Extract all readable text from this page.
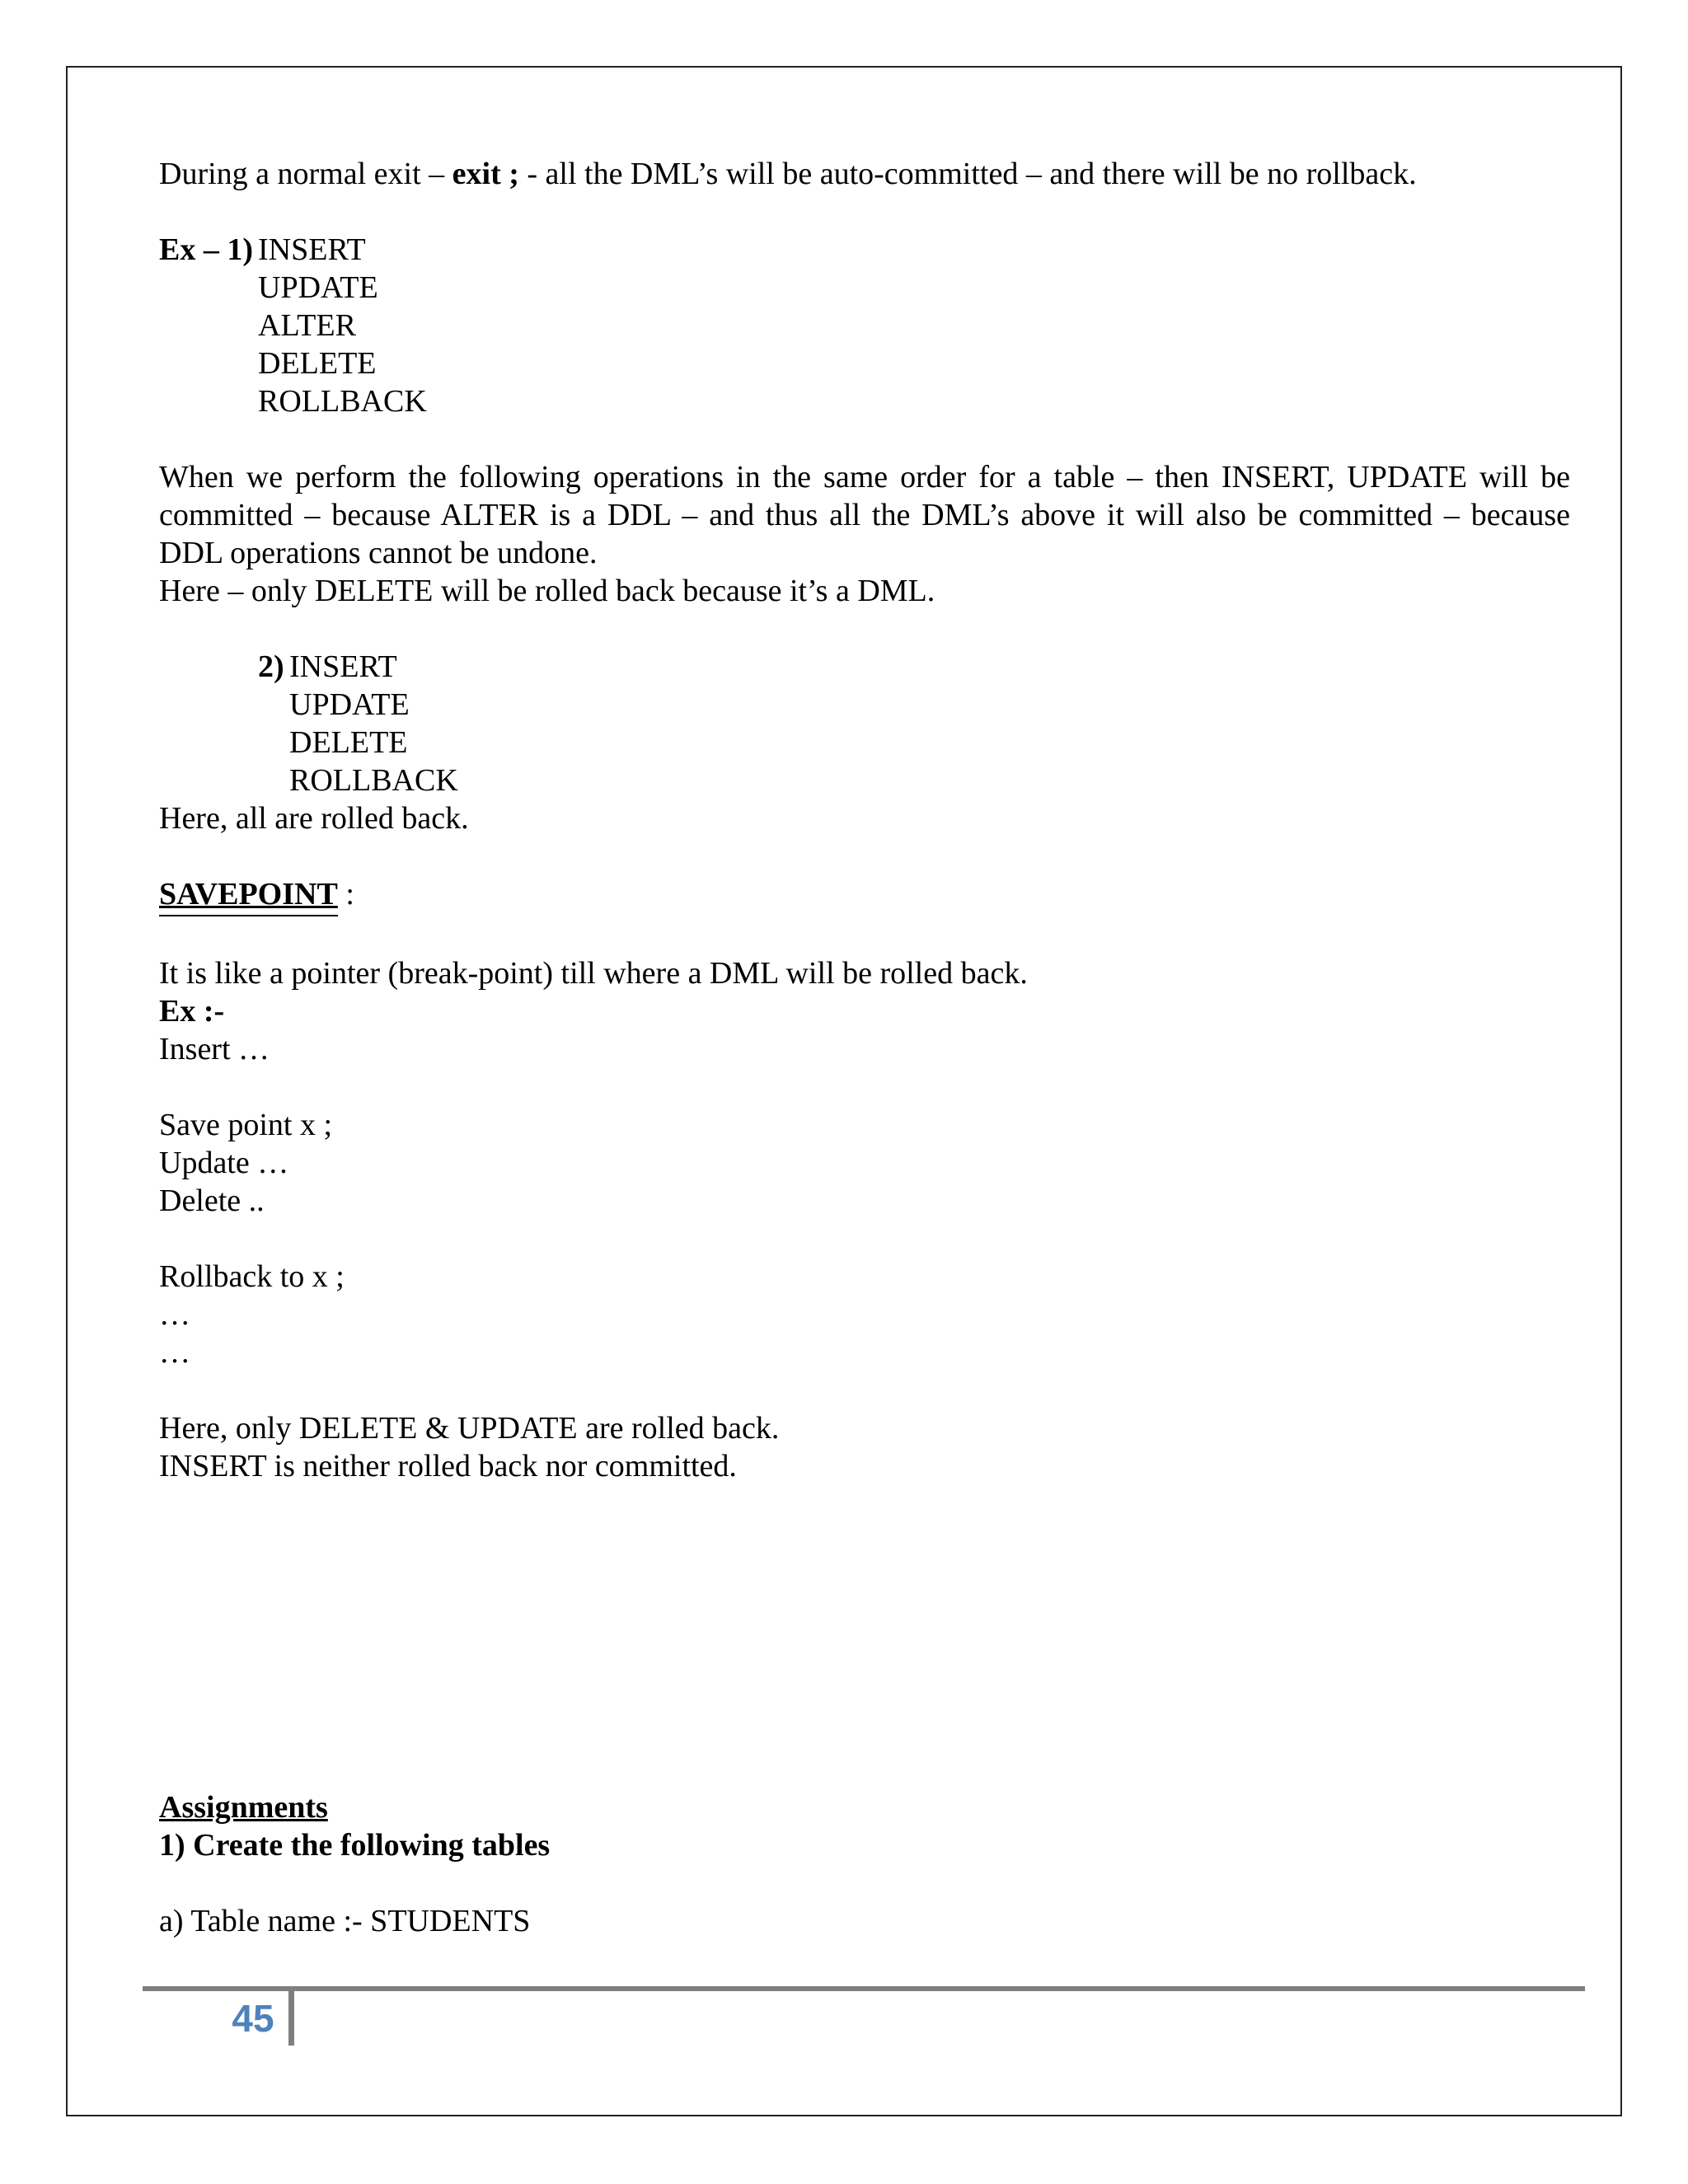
During a normal exit – exit ; - all the DML’s will be auto-committed – and there will be no rollback.

Ex – 1) INSERT

UPDATE

ALTER

DELETE

ROLLBACK

When we perform the following operations in the same order for a table – then INSERT, UPDATE will be committed – because ALTER is a DDL – and thus all the DML’s above it will also be committed – because DDL operations cannot be undone.

Here – only DELETE will be rolled back because it’s a DML.

2) INSERT

UPDATE

DELETE

ROLLBACK

Here, all are rolled back.

SAVEPOINT :

It is like a pointer (break-point) till where a DML will be rolled back.

Ex :-

Insert …

Save point x ;

Update …

Delete ..

Rollback to x ;

…

…

Here, only DELETE & UPDATE are rolled back.

INSERT is neither rolled back nor committed.

Assignments

1) Create the following tables

a) Table name :- STUDENTS

45
